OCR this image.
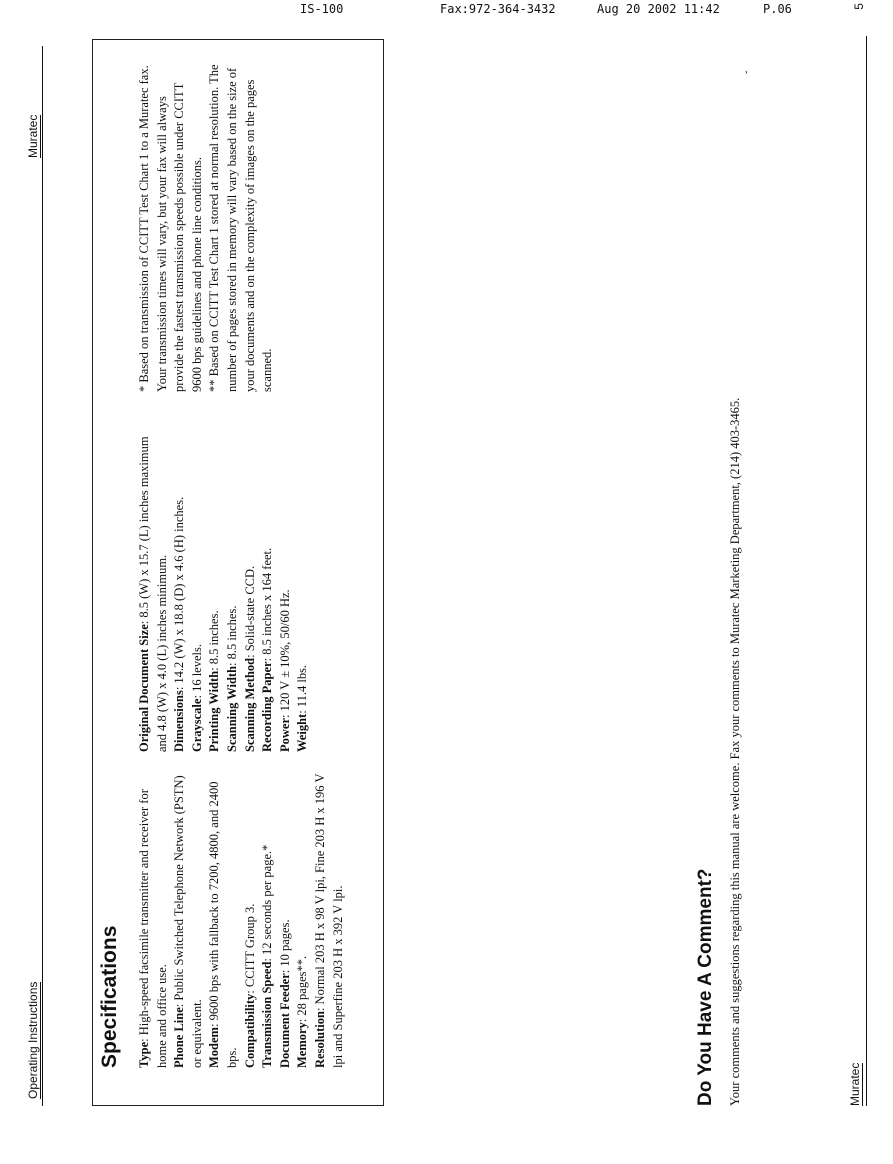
IS-100	Fax:972-364-3432	Aug 20 2002 11:42	P.06
Operating Instructions
Muratec
Specifications Type: High-speed facsimile transmitter and receiver for home and office use. Phone Line: Public Switched Telephone Network (PSTN) or equivalent. Modem: 9600 bps with fallback to 7200, 4800, and 2400 bps. Compatibility: CCITT Group 3.

Transmission Speed: 12 seconds per page.*

Document Feeder: 10 pages.

Memory: 28 pages**.

Resolution: Normal 203 H x 98 V lpi, Fine 203 H x 196 V lpi and Superfine 203 H x 392 V lpi.

Original Document Size: 8.5 (W) x 15.7 (L) inches maximum and 4.8 (W) x 4.0 (L) inches minimum. Dimensions: 14.2 (W) x 18.8 (D) x 4.6 (H) inches.

Grayscale: 16 levels.

Printing Width: 8.5 inches.

Scanning Width: 8.5 inches.

Scanning Method: Solid-state CCD.

Recording Paper: 8.5 inches x 164 feet.

Power: 120 V ± 10%, 50/60 Hz.

Weight: 11.4 lbs.

* Based on transmission of CCITT Test Chart 1 to a Muratec fax. Your transmission times will vary, but your fax will always provide the fastest transmission speeds possible under CCITT 9600 bps guidelines and phone line conditions. ** Based on CCITT Test Chart 1 stored at normal resolution. The number of pages stored in memory will vary based on the size of your documents and on the complexity of images on the pages scanned.

Do You Have A Comment? Your comments and suggestions regarding this manual are welcome. Fax your comments to Muratec Marketing Department, (214) 403-3465.
ˇ
Muratec
5
